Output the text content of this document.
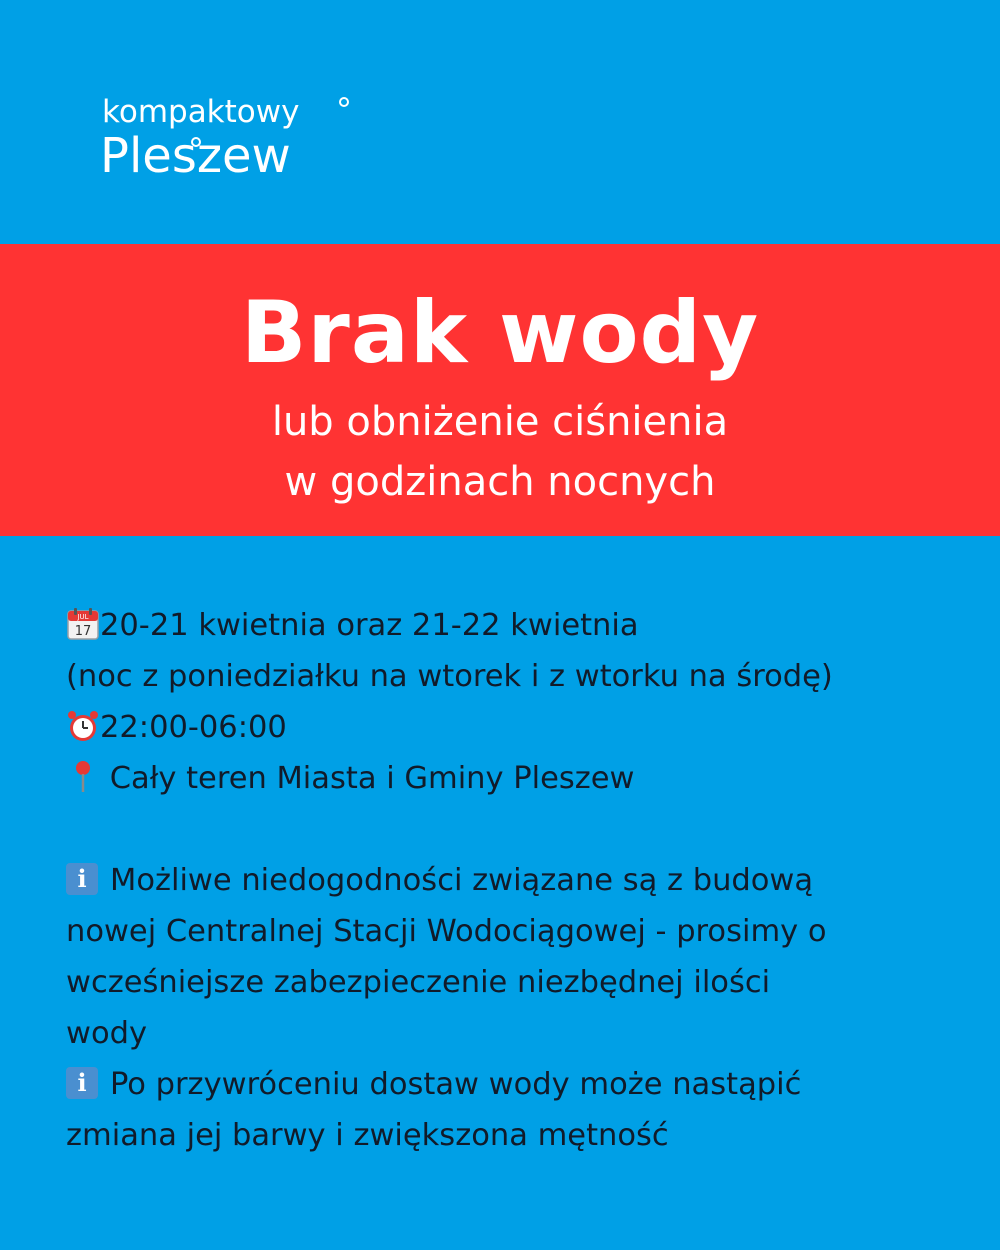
kompaktowy
Pleszew
Brak wody
lub obniżenie ciśnienia
w godzinach nocnych
JUL
17 20-21 kwietnia oraz 21-22 kwietnia
(noc z poniedziałku na wtorek i z wtorku na środę)
22:00-06:00
Cały teren Miasta i Gminy Pleszew
i Możliwe niedogodności związane są z budową
nowej Centralnej Stacji Wodociągowej - prosimy o
wcześniejsze zabezpieczenie niezbędnej ilości
wody
i Po przywróceniu dostaw wody może nastąpić
zmiana jej barwy i zwiększona mętność
